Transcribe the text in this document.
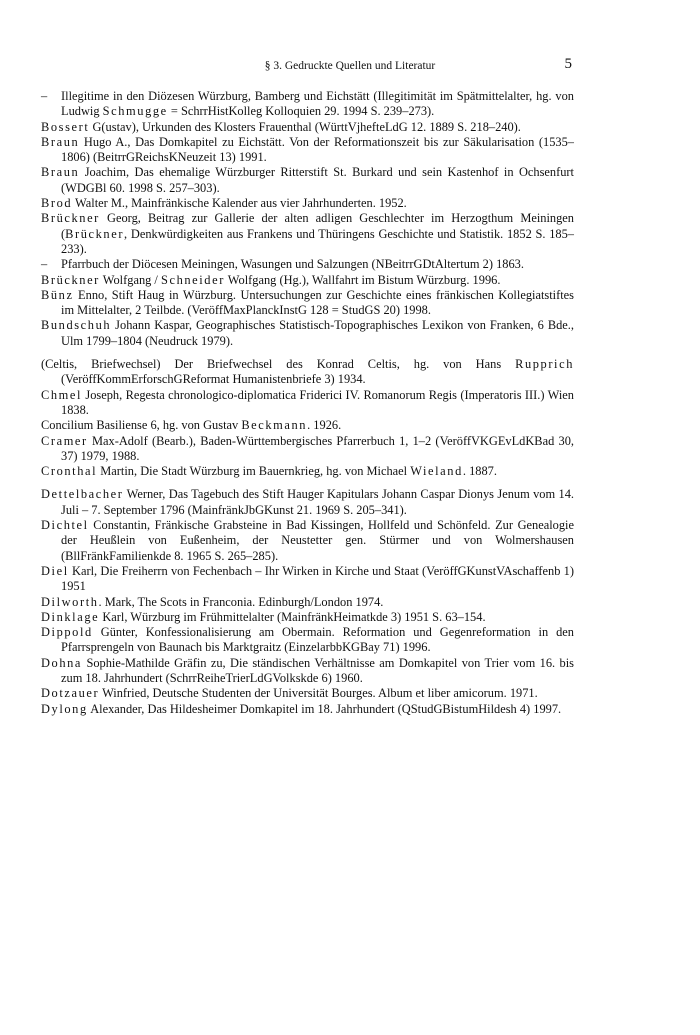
§ 3. Gedruckte Quellen und Literatur	5
– Illegitime in den Diözesen Würzburg, Bamberg und Eichstätt (Illegitimität im Spätmittelalter, hg. von Ludwig Schmugge = SchrrHistKolleg Kolloquien 29. 1994 S. 239–273).
Bossert G(ustav), Urkunden des Klosters Frauenthal (WürttVjhefteLdG 12. 1889 S. 218–240).
Braun Hugo A., Das Domkapitel zu Eichstätt. Von der Reformationszeit bis zur Säkularisation (1535–1806) (BeitrrGReichsKNeuzeit 13) 1991.
Braun Joachim, Das ehemalige Würzburger Ritterstift St. Burkard und sein Kastenhof in Ochsenfurt (WDGBl 60. 1998 S. 257–303).
Brod Walter M., Mainfränkische Kalender aus vier Jahrhunderten. 1952.
Brückner Georg, Beitrag zur Gallerie der alten adligen Geschlechter im Herzogthum Meiningen (Brückner, Denkwürdigkeiten aus Frankens und Thüringens Geschichte und Statistik. 1852 S. 185–233).
– Pfarrbuch der Diöcesen Meiningen, Wasungen und Salzungen (NBeitrrGDtAltertum 2) 1863.
Brückner Wolfgang / Schneider Wolfgang (Hg.), Wallfahrt im Bistum Würzburg. 1996.
Bünz Enno, Stift Haug in Würzburg. Untersuchungen zur Geschichte eines fränkischen Kollegiatstiftes im Mittelalter, 2 Teilbde. (VeröffMaxPlanckInstG 128 = StudGS 20) 1998.
Bundschuh Johann Kaspar, Geographisches Statistisch-Topographisches Lexikon von Franken, 6 Bde., Ulm 1799–1804 (Neudruck 1979).
(Celtis, Briefwechsel) Der Briefwechsel des Konrad Celtis, hg. von Hans Rupprich (VeröffKommErforschGReformat Humanistenbriefe 3) 1934.
Chmel Joseph, Regesta chronologico-diplomatica Friderici IV. Romanorum Regis (Imperatoris III.) Wien 1838.
Concilium Basiliense 6, hg. von Gustav Beckmann. 1926.
Cramer Max-Adolf (Bearb.), Baden-Württembergisches Pfarrerbuch 1, 1–2 (VeröffVKGEvLdKBad 30, 37) 1979, 1988.
Cronthal Martin, Die Stadt Würzburg im Bauernkrieg, hg. von Michael Wieland. 1887.
Dettelbacher Werner, Das Tagebuch des Stift Hauger Kapitulars Johann Caspar Dionys Jenum vom 14. Juli – 7. September 1796 (MainfränkJbGKunst 21. 1969 S. 205–341).
Dichtel Constantin, Fränkische Grabsteine in Bad Kissingen, Hollfeld und Schönfeld. Zur Genealogie der Heußlein von Eußenheim, der Neustetter gen. Stürmer und von Wolmershausen (BllFränkFamilienkde 8. 1965 S. 265–285).
Diel Karl, Die Freiherrn von Fechenbach – Ihr Wirken in Kirche und Staat (VeröffGKunstVAschaffenb 1) 1951
Dilworth. Mark, The Scots in Franconia. Edinburgh/London 1974.
Dinklage Karl, Würzburg im Frühmittelalter (MainfränkHeimatkde 3) 1951 S. 63–154.
Dippold Günter, Konfessionalisierung am Obermain. Reformation und Gegenreformation in den Pfarrsprengeln von Baunach bis Marktgraitz (EinzelarbbKGBay 71) 1996.
Dohna Sophie-Mathilde Gräfin zu, Die ständischen Verhältnisse am Domkapitel von Trier vom 16. bis zum 18. Jahrhundert (SchrrReiheTrierLdGVolkskde 6) 1960.
Dotzauer Winfried, Deutsche Studenten der Universität Bourges. Album et liber amicorum. 1971.
Dylong Alexander, Das Hildesheimer Domkapitel im 18. Jahrhundert (QStudGBistumHildesh 4) 1997.
